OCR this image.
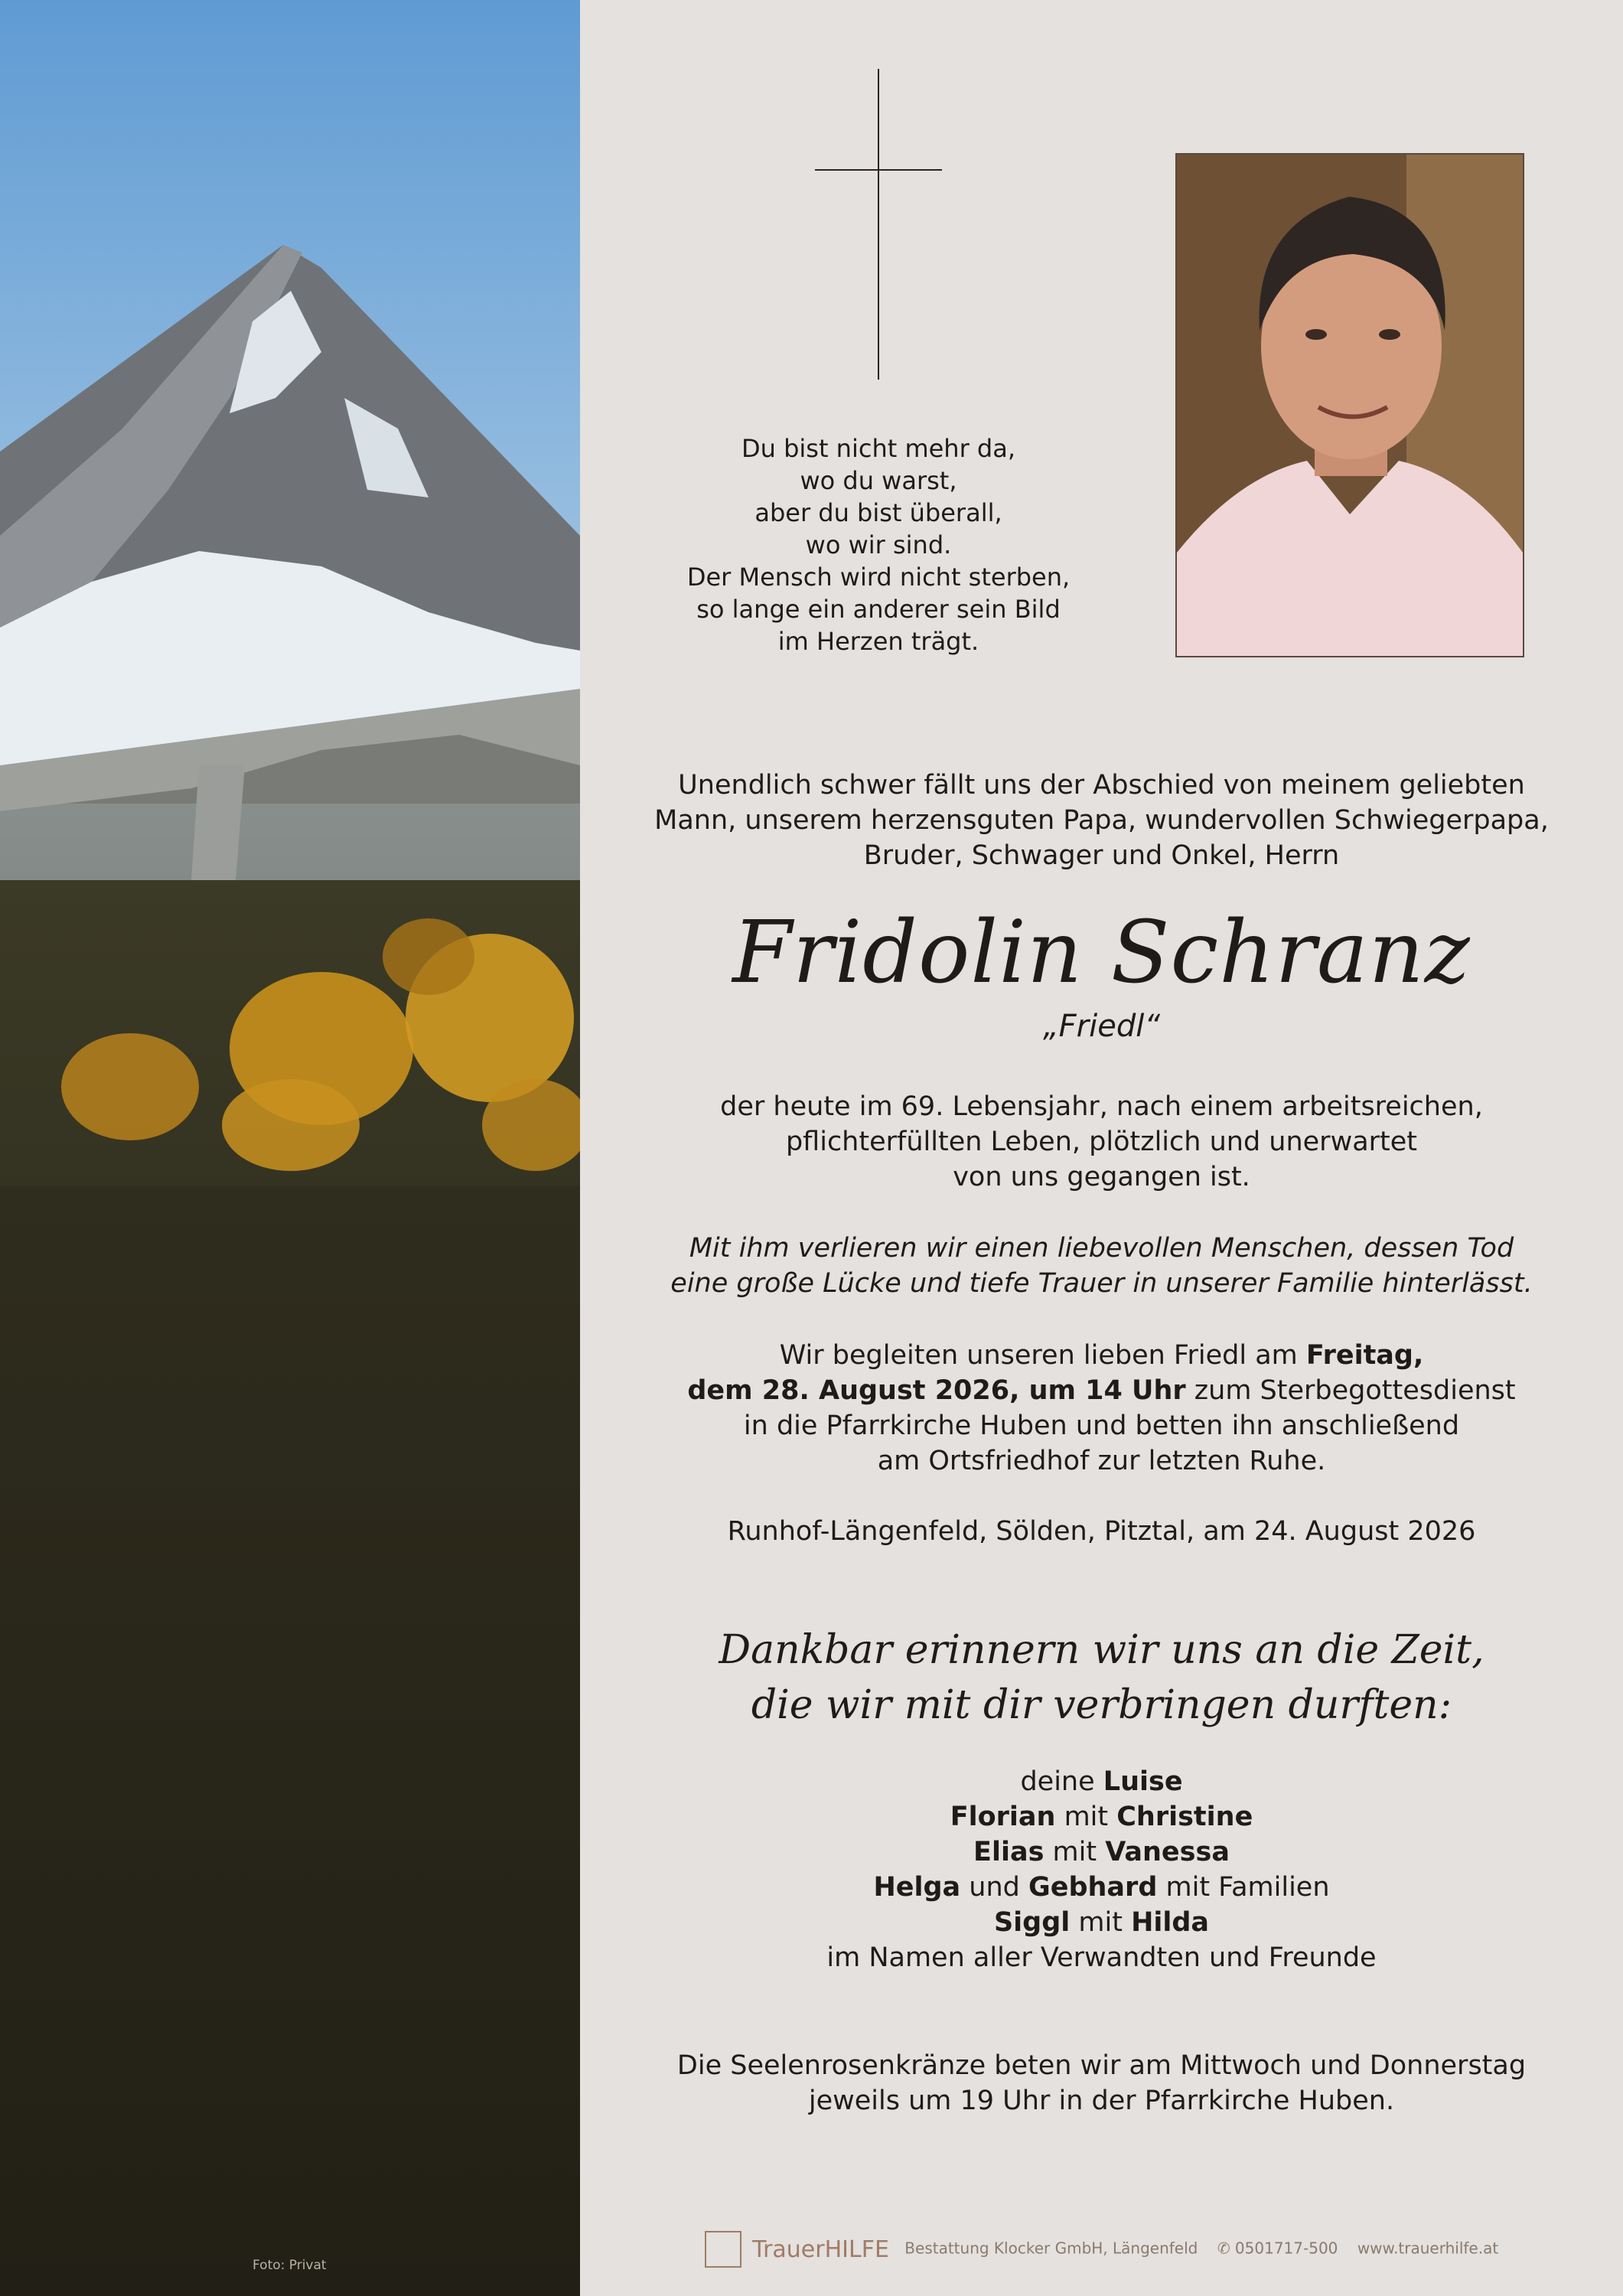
Foto: Privat
Du bist nicht mehr da,
wo du warst,
aber du bist überall,
wo wir sind.
Der Mensch wird nicht sterben,
so lange ein anderer sein Bild
im Herzen trägt.
Unendlich schwer fällt uns der Abschied von meinem geliebten
Mann, unserem herzensguten Papa, wundervollen Schwiegerpapa,
Bruder, Schwager und Onkel, Herrn
Fridolin Schranz
„Friedl“
der heute im 69. Lebensjahr, nach einem arbeitsreichen,
pflichterfüllten Leben, plötzlich und unerwartet
von uns gegangen ist.
Mit ihm verlieren wir einen liebevollen Menschen, dessen Tod
eine große Lücke und tiefe Trauer in unserer Familie hinterlässt.
Wir begleiten unseren lieben Friedl am Freitag,
dem 28. August 2026, um 14 Uhr zum Sterbegottesdienst
in die Pfarrkirche Huben und betten ihn anschließend
am Ortsfriedhof zur letzten Ruhe.
Runhof-Längenfeld, Sölden, Pitztal, am 24. August 2026
Dankbar erinnern wir uns an die Zeit,
die wir mit dir verbringen durften:
deine Luise
Florian mit Christine
Elias mit Vanessa
Helga und Gebhard mit Familien
Siggl mit Hilda
im Namen aller Verwandten und Freunde
Die Seelenrosenkränze beten wir am Mittwoch und Donnerstag
jeweils um 19 Uhr in der Pfarrkirche Huben.
TrauerHILFE Bestattung Klocker GmbH, Längenfeld ✆ 0501717-500 www.trauerhilfe.at
